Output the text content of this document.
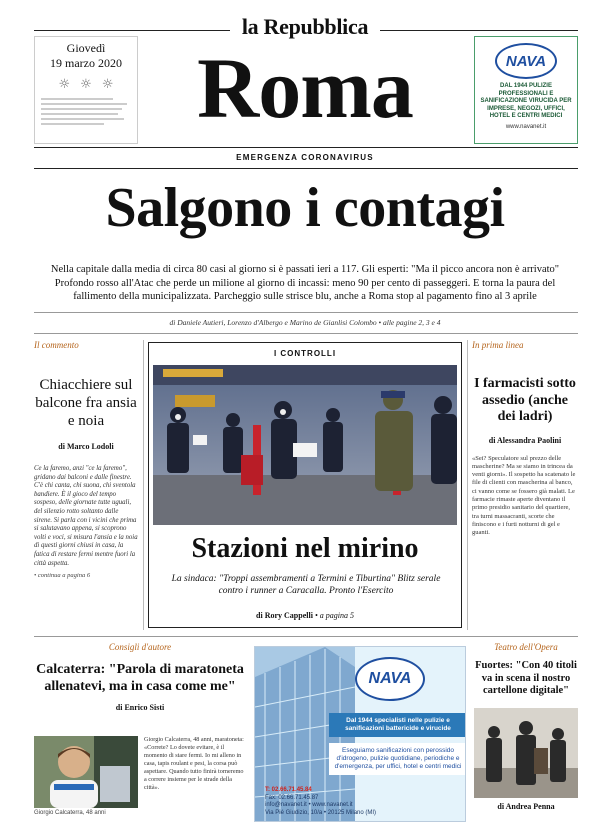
la Repubblica
Roma
Giovedì
19 marzo 2020
☼ ☼ ☼
NAVA
DAL 1944 PULIZIE PROFESSIONALI E SANIFICAZIONE VIRUCIDA PER IMPRESE, NEGOZI, UFFICI, HOTEL E CENTRI MEDICI
www.navanet.it
EMERGENZA CORONAVIRUS
Salgono i contagi
Nella capitale dalla media di circa 80 casi al giorno si è passati ieri a 117. Gli esperti: "Ma il picco ancora non è arrivato" Profondo rosso all'Atac che perde un milione al giorno di incassi: meno 90 per cento di passeggeri. E torna la paura del fallimento della municipalizzata. Parcheggio sulle strisce blu, anche a Roma stop al pagamento fino al 3 aprile
di Daniele Autieri, Lorenzo d'Albergo e Marino de Gianlisi Colombo • alle pagine 2, 3 e 4
Il commento
Chiacchiere sul balcone fra ansia e noia
di Marco Lodoli
Ce la faremo, anzi "ce la faremo", gridano dai balconi e dalle finestre. C'è chi canta, chi suona, chi sventola bandiere. È il gioco del tempo sospeso, delle giornate tutte uguali, del silenzio rotto soltanto dalle sirene. Si parla con i vicini che prima si salutavano appena, si scoprono volti e voci, si misura l'ansia e la noia di questi giorni chiusi in casa, la fatica di restare fermi mentre fuori la città aspetta.
• continua a pagina 6
I CONTROLLI
Stazioni nel mirino
La sindaca: "Troppi assembramenti a Termini e Tiburtina" Blitz serale contro i runner a Caracalla. Pronto l'Esercito
di Rory Cappelli • a pagina 5
In prima linea
I farmacisti sotto assedio (anche dei ladri)
di Alessandra Paolini
«Sei? Speculatore sul prezzo delle mascherine? Ma se siamo in trincea da venti giorni». Il sospetto ha scatenato le file di clienti con mascherina al banco, ci vanno come se fossero già malati. Le farmacie rimaste aperte diventano il primo presidio sanitario del quartiere, tra turni massacranti, scorte che finiscono e i furti notturni di gel e guanti.
Consigli d'autore
Calcaterra: "Parola di maratoneta allenatevi, ma in casa come me"
di Enrico Sisti
Giorgio Calcaterra, 48 anni
Giorgio Calcaterra, 48 anni, maratoneta: «Correte? Lo dovete evitare, è il momento di stare fermi. Io mi alleno in casa, tapis roulant e pesi, la corsa può aspettare. Quando tutto finirà torneremo a correre insieme per le strade della città».
NAVA
Dal 1944 specialisti nelle pulizie e sanificazioni battericide e virucide
Eseguiamo sanificazioni con perossido d'idrogeno, pulizie quotidiane, periodiche e d'emergenza, per uffici, hotel e centri medici
T: 02.66.71.45.84
Fax: 02.66.71.45.87
info@navanet.it • www.navanet.it
Via Pié Giudizio, 10/a • 20125 Milano (MI)
Teatro dell'Opera
Fuortes: "Con 40 titoli va in scena il nostro cartellone digitale"
di Andrea Penna
